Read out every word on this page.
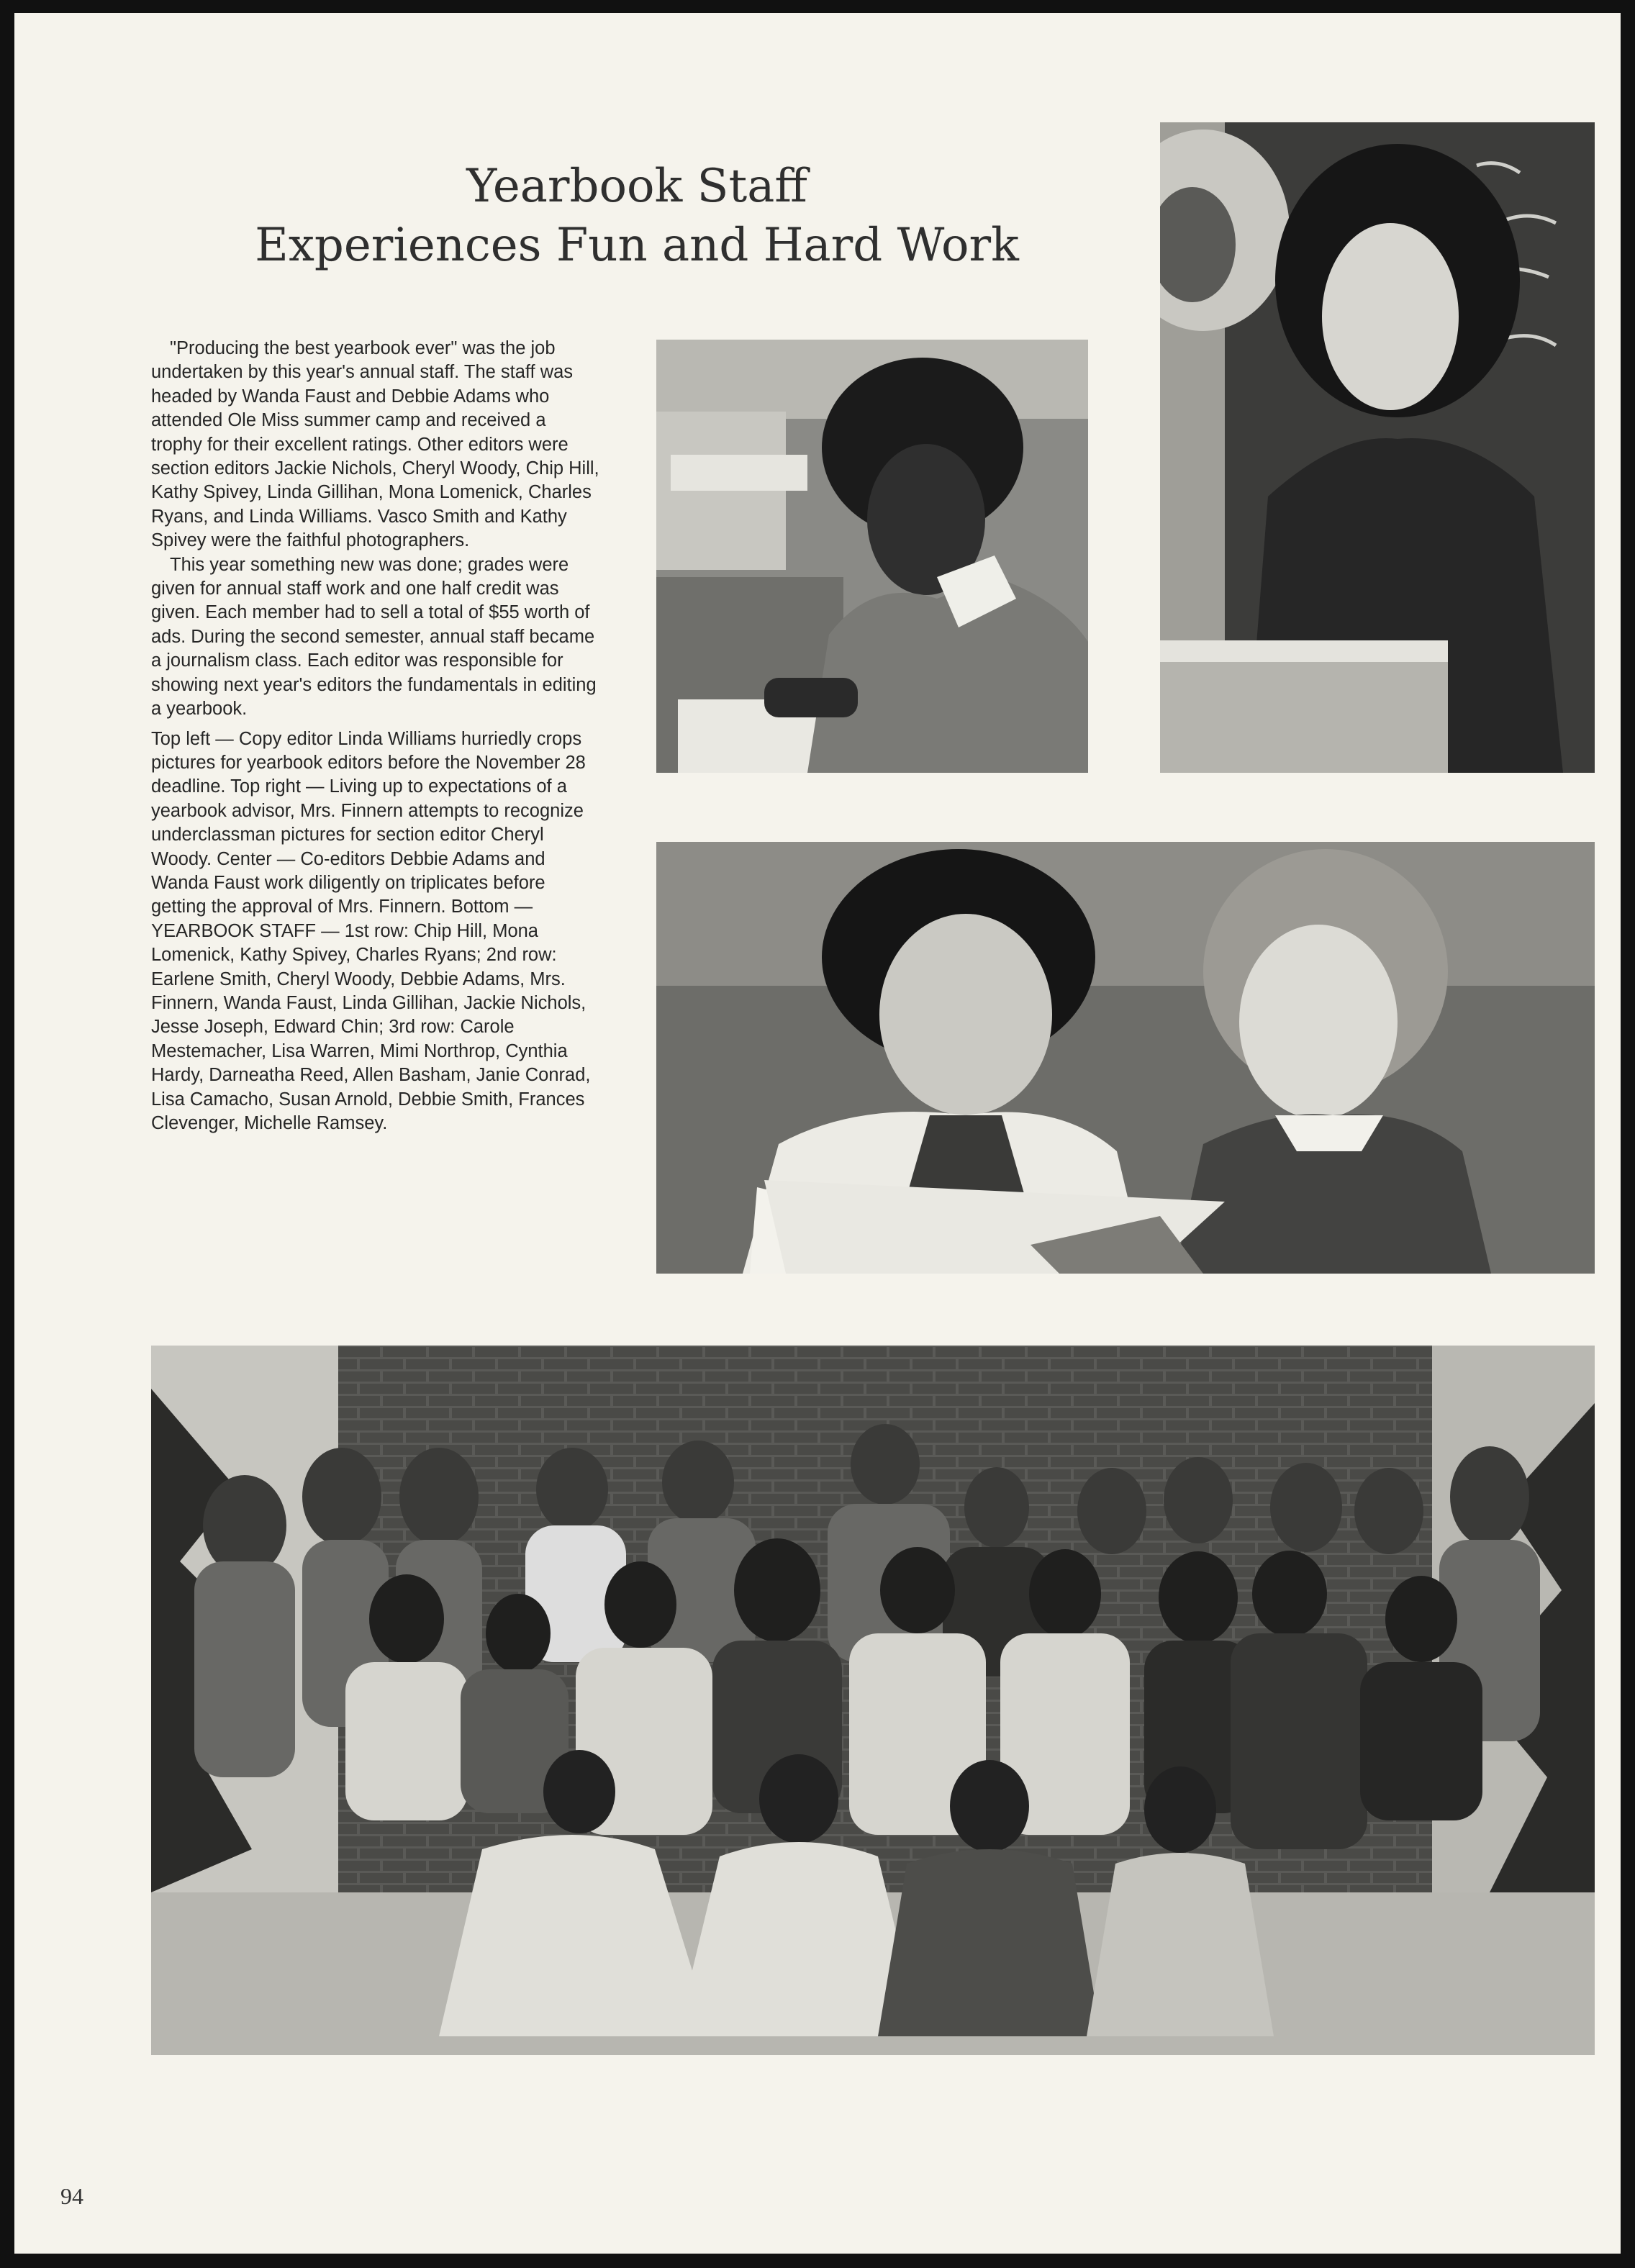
Yearbook Staff
Experiences Fun and Hard Work

"Producing the best yearbook ever" was the job undertaken by this year's annual staff. The staff was headed by Wanda Faust and Debbie Adams who attended Ole Miss summer camp and received a trophy for their excellent ratings. Other editors were section editors Jackie Nichols, Cheryl Woody, Chip Hill, Kathy Spivey, Linda Gillihan, Mona Lomenick, Charles Ryans, and Linda Williams. Vasco Smith and Kathy Spivey were the faithful photographers.

This year something new was done; grades were given for annual staff work and one half credit was given. Each member had to sell a total of $55 worth of ads. During the second semester, annual staff became a journalism class. Each editor was responsible for showing next year's editors the fundamentals in editing a yearbook.

Top left — Copy editor Linda Williams hurriedly crops pictures for yearbook editors before the November 28 deadline. Top right — Living up to expectations of a yearbook advisor, Mrs. Finnern attempts to recognize underclassman pictures for section editor Cheryl Woody. Center — Co-editors Debbie Adams and Wanda Faust work diligently on triplicates before getting the approval of Mrs. Finnern. Bottom — YEARBOOK STAFF — 1st row: Chip Hill, Mona Lomenick, Kathy Spivey, Charles Ryans; 2nd row: Earlene Smith, Cheryl Woody, Debbie Adams, Mrs. Finnern, Wanda Faust, Linda Gillihan, Jackie Nichols, Jesse Joseph, Edward Chin; 3rd row: Carole Mestemacher, Lisa Warren, Mimi Northrop, Cynthia Hardy, Darneatha Reed, Allen Basham, Janie Conrad, Lisa Camacho, Susan Arnold, Debbie Smith, Frances Clevenger, Michelle Ramsey.

94
